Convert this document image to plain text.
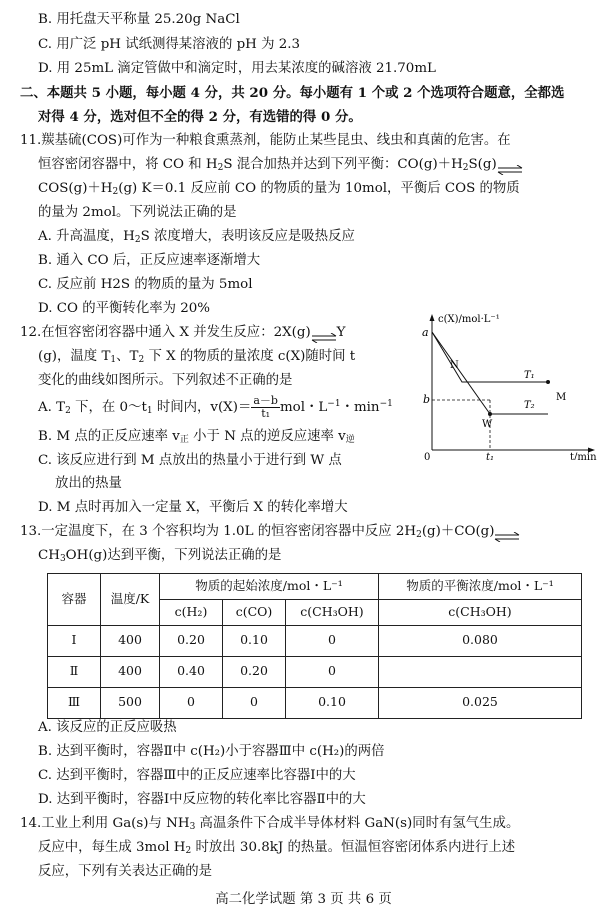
B. 用托盘天平称量 25.20g NaCl
C. 用广泛 pH 试纸测得某溶液的 pH 为 2.3
D. 用 25mL 滴定管做中和滴定时，用去某浓度的碱溶液 21.70mL
二、本题共 5 小题，每小题 4 分，共 20 分。每小题有 1 个或 2 个选项符合题意，全都选
对得 4 分，选对但不全的得 2 分，有选错的得 0 分。
11.羰基硫(COS)可作为一种粮食熏蒸剂，能防止某些昆虫、线虫和真菌的危害。在
恒容密闭容器中，将 CO 和 $H_2S$ 混合加热并达到下列平衡：$CO(g)+H_2S(g)\rightleftharpoons$
$COS(g)+H_2(g)$ K＝0.1 反应前 CO 的物质的量为 10mol，平衡后 COS 的物质
的量为 2mol。下列说法正确的是
A. 升高温度，$H_2S$ 浓度增大，表明该反应是吸热反应
B. 通入 CO 后，正反应速率逐渐增大
C. 反应前 H2S 的物质的量为 5mol
D. CO 的平衡转化率为 20%
12.在恒容密闭容器中通入 X 并发生反应：2X(g)⇌Y
(g)，温度 $T_1$、$T_2$ 下 X 的物质的量浓度 c(X)随时间 t
变化的曲线如图所示。下列叙述不正确的是
A. $T_2$ 下，在 $0\sim t_1$ 时间内，$v(X)= \frac{a-b}{\text{t₁}}$ mol・$L^{-1}$・$\min^{-1}$
B. M 点的正反应速率 $v_正$ 小于 N 点的逆反应速率 $v_逆$
C. 该反应进行到 M 点放出的热量小于进行到 W 点
放出的热量
D. M 点时再加入一定量 X，平衡后 X 的转化率增大
c(X)/mol·L⁻¹
t/min
0
a
b
t₁
N
M
W
T₁
T₂
13.一定温度下，在 3 个容积均为 1.0L 的恒容密闭容器中反应 $2H_2(g)+CO(g)\rightleftharpoons$
$CH_3OH(g)$达到平衡，下列说法正确的是
容器	温度/K	物质的起始浓度/mol・L⁻¹			物质的平衡浓度/mol・L⁻¹
		c(H₂)	c(CO)	c(CH₃OH)	c(CH₃OH)
Ⅰ	400	0.20	0.10	0	0.080
Ⅱ	400	0.40	0.20	0	
Ⅲ	500	0	0	0.10	0.025
A. 该反应的正反应吸热
B. 达到平衡时，容器Ⅱ中 c(H₂)小于容器Ⅲ中 c(H₂)的两倍
C. 达到平衡时，容器Ⅲ中的正反应速率比容器Ⅰ中的大
D. 达到平衡时，容器Ⅰ中反应物的转化率比容器Ⅱ中的大
14.工业上利用 Ga(s)与 $NH_3$ 高温条件下合成半导体材料 GaN(s)同时有氢气生成。
反应中，每生成 3mol $H_2$ 时放出 30.8kJ 的热量。恒温恒容密闭体系内进行上述
反应，下列有关表达正确的是
高二化学试题 第 3 页 共 6 页
